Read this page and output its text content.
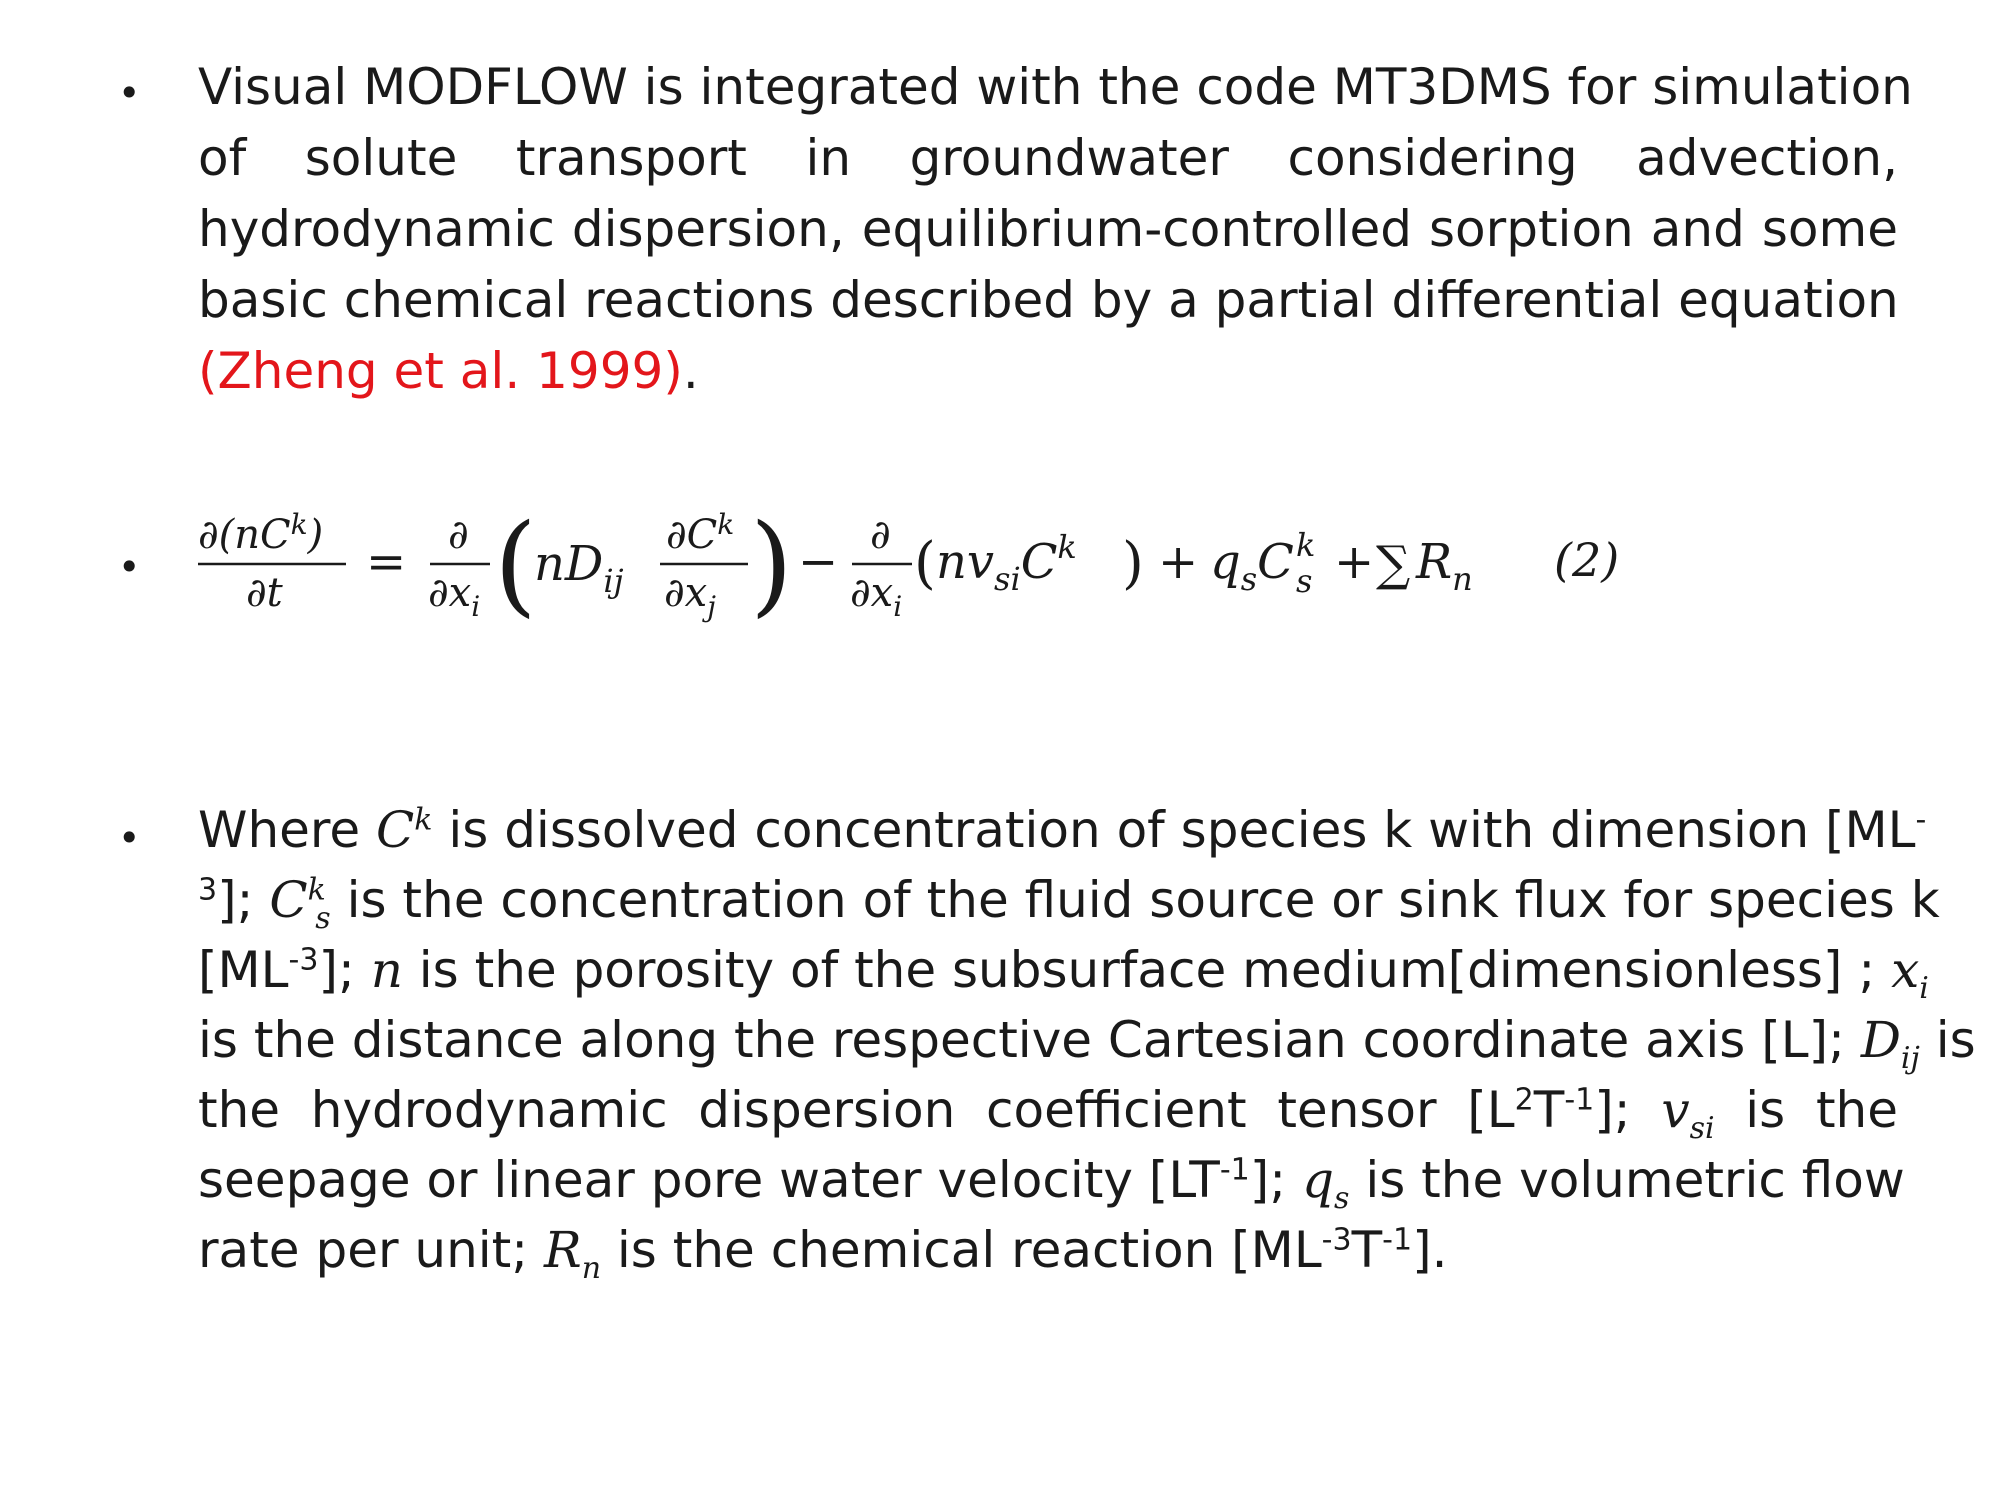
• Visual MODFLOW is integrated with the code MT3DMS for simulation
of solute transport in groundwater considering advection,
hydrodynamic dispersion, equilibrium-controlled sorption and some
basic chemical reactions described by a partial differential equation
(Zheng et al. 1999).
•
$\partial(nC^k)$
∂t
= ∂
$\partial x_i$ (
$nD_{ij}$
$\partial C^k$
$\partial x_j$ ) − ∂
$\partial x_i$
( $nv_{si}C^k$ ) + $q_sC$ k
s + ∑ $R_n$ (2)
• Where $C^k$ is dissolved concentration of species k with dimension [ML-
$^3$]; $C^k_s$ is the concentration of the fluid source or sink flux for species k
$[ML^{-3}]$; n is the porosity of the subsurface medium[dimensionless] ; $x_i$
is the distance along the respective Cartesian coordinate axis [L]; $D_{ij}$ is
the hydrodynamic dispersion coefficient tensor $[L^2T^{-1}]$; $v_{si}$ is the
seepage or linear pore water velocity $[LT^{-1}]$; $q_s$ is the volumetric flow
rate per unit; $R_n$ is the chemical reaction $[ML^{-3}T^{-1}]$.
